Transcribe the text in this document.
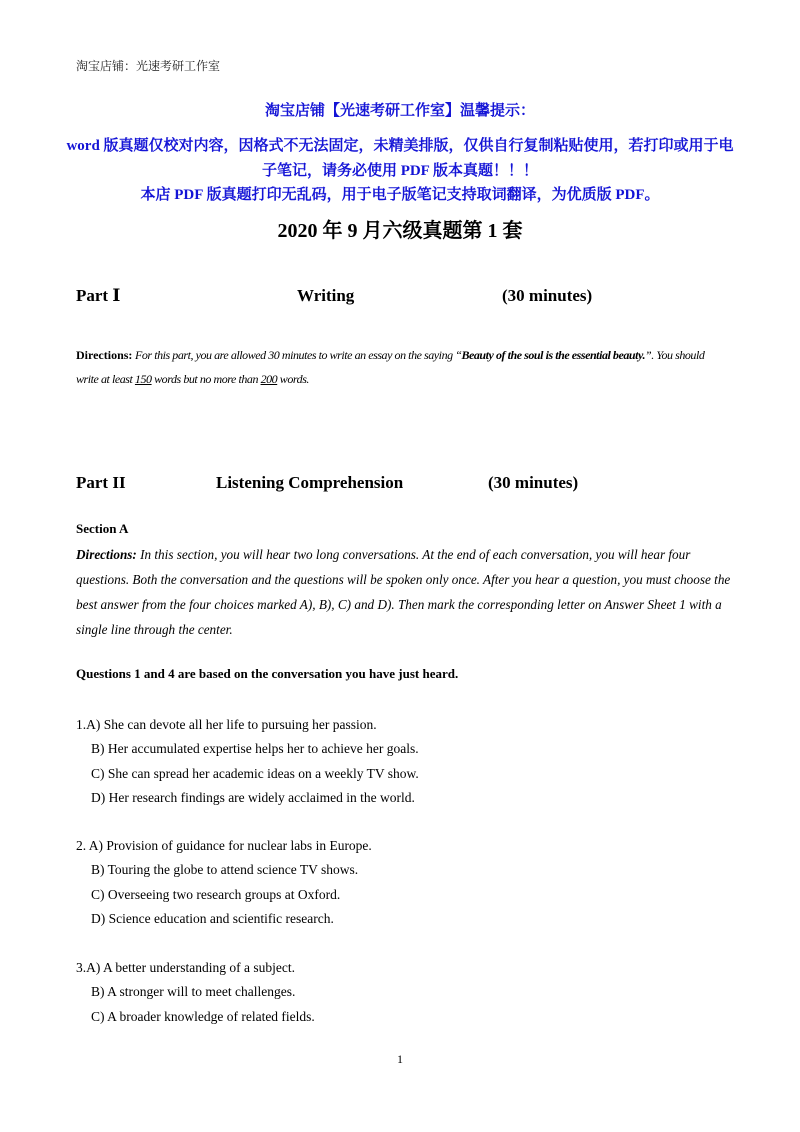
淘宝店铺：光速考研工作室
淘宝店铺【光速考研工作室】温馨提示：
word 版真题仅校对内容，因格式不无法固定，未精美排版，仅供自行复制粘贴使用，若打印或用于电子笔记，请务必使用 PDF 版本真题！！！
本店 PDF 版真题打印无乱码，用于电子版笔记支持取词翻译，为优质版 PDF。
2020 年 9 月六级真题第 1 套
Part Ⅰ	Writing	(30 minutes)
Directions: For this part, you are allowed 30 minutes to write an essay on the saying “Beauty of the soul is the essential beauty.”. You should write at least 150 words but no more than 200 words.
Part II	Listening Comprehension	(30 minutes)
Section A
Directions: In this section, you will hear two long conversations. At the end of each conversation, you will hear four questions. Both the conversation and the questions will be spoken only once. After you hear a question, you must choose the best answer from the four choices marked A), B), C) and D). Then mark the corresponding letter on Answer Sheet 1 with a single line through the center.
Questions 1 and 4 are based on the conversation you have just heard.
1.A) She can devote all her life to pursuing her passion.
B) Her accumulated expertise helps her to achieve her goals.
C) She can spread her academic ideas on a weekly TV show.
D) Her research findings are widely acclaimed in the world.
2. A) Provision of guidance for nuclear labs in Europe.
B) Touring the globe to attend science TV shows.
C) Overseeing two research groups at Oxford.
D) Science education and scientific research.
3.A) A better understanding of a subject.
B) A stronger will to meet challenges.
C) A broader knowledge of related fields.
1
